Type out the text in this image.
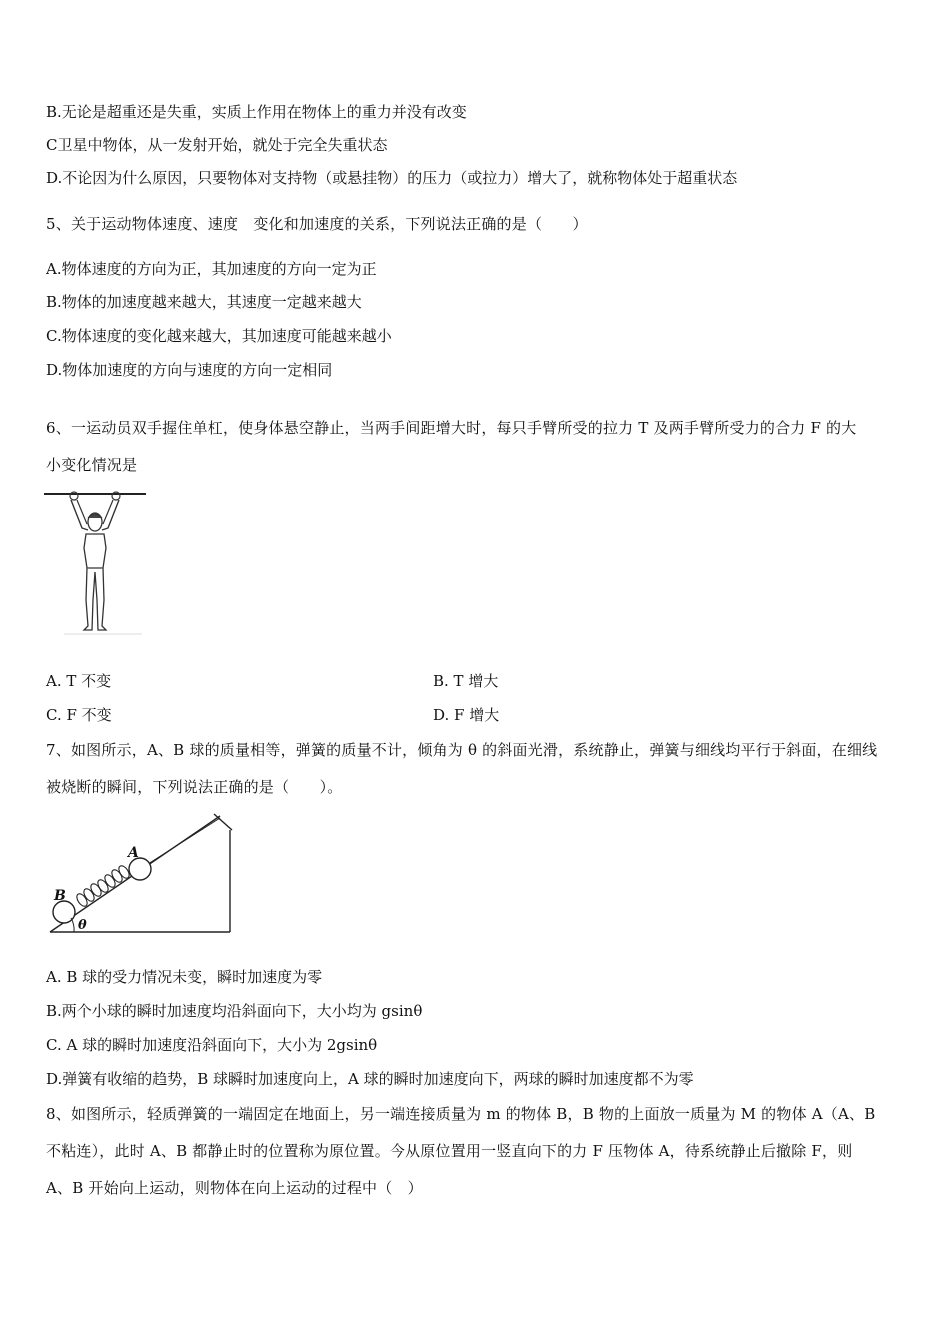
B.无论是超重还是失重，实质上作用在物体上的重力并没有改变
C卫星中物体，从一发射开始，就处于完全失重状态
D.不论因为什么原因，只要物体对支持物（或悬挂物）的压力（或拉力）增大了，就称物体处于超重状态
5、关于运动物体速度、速度　变化和加速度的关系，下列说法正确的是（　　）
A.物体速度的方向为正，其加速度的方向一定为正
B.物体的加速度越来越大，其速度一定越来越大
C.物体速度的变化越来越大，其加速度可能越来越小
D.物体加速度的方向与速度的方向一定相同
6、一运动员双手握住单杠，使身体悬空静止，当两手间距增大时，每只手臂所受的拉力 T 及两手臂所受力的合力 F 的大
小变化情况是
A. T 不变	B. T 增大
C. F 不变	D. F 增大
7、如图所示，A、B 球的质量相等，弹簧的质量不计，倾角为 θ 的斜面光滑，系统静止，弹簧与细线均平行于斜面，在细线
被烧断的瞬间，下列说法正确的是（　　）。
A
B
θ
A. B 球的受力情况未变，瞬时加速度为零
B.两个小球的瞬时加速度均沿斜面向下，大小均为 gsinθ
C. A 球的瞬时加速度沿斜面向下，大小为 2gsinθ
D.弹簧有收缩的趋势，B 球瞬时加速度向上，A 球的瞬时加速度向下，两球的瞬时加速度都不为零
8、如图所示，轻质弹簧的一端固定在地面上，另一端连接质量为 m 的物体 B，B 物的上面放一质量为 M 的物体 A（A、B
不粘连），此时 A、B 都静止时的位置称为原位置。今从原位置用一竖直向下的力 F 压物体 A，待系统静止后撤除 F，则
A、B 开始向上运动，则物体在向上运动的过程中（　）
